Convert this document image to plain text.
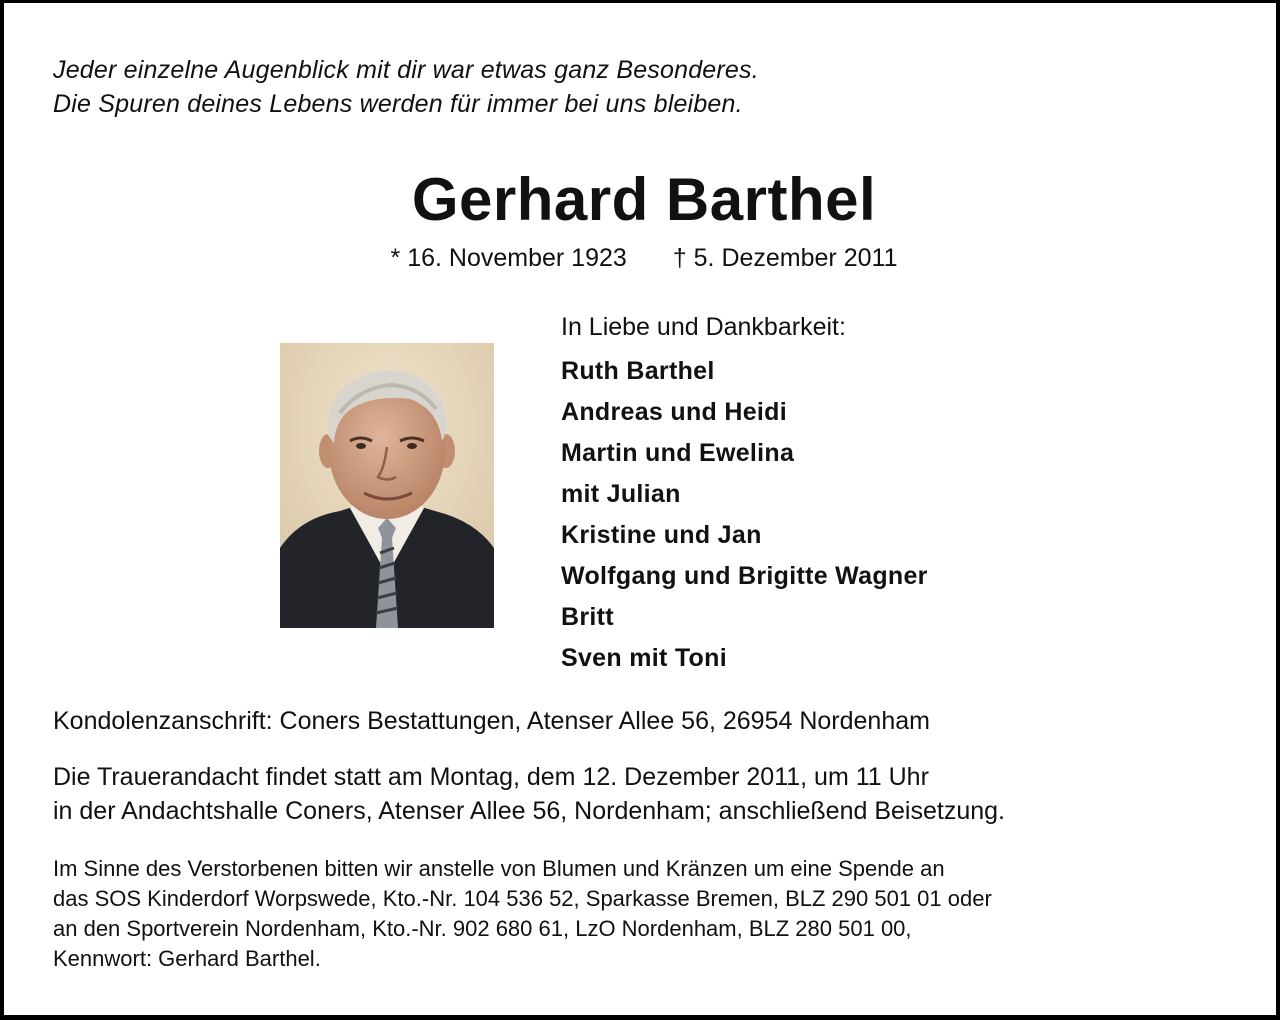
Jeder einzelne Augenblick mit dir war etwas ganz Besonderes.
Die Spuren deines Lebens werden für immer bei uns bleiben.
Gerhard Barthel
* 16. November 1923 † 5. Dezember 2011
In Liebe und Dankbarkeit:
Ruth Barthel
Andreas und Heidi
Martin und Ewelina
mit Julian
Kristine und Jan
Wolfgang und Brigitte Wagner
Britt
Sven mit Toni
Kondolenzanschrift: Coners Bestattungen, Atenser Allee 56, 26954 Nordenham
Die Trauerandacht findet statt am Montag, dem 12. Dezember 2011, um 11 Uhr
in der Andachtshalle Coners, Atenser Allee 56, Nordenham; anschließend Beisetzung.
Im Sinne des Verstorbenen bitten wir anstelle von Blumen und Kränzen um eine Spende an
das SOS Kinderdorf Worpswede, Kto.-Nr. 104 536 52, Sparkasse Bremen, BLZ 290 501 01 oder
an den Sportverein Nordenham, Kto.-Nr. 902 680 61, LzO Nordenham, BLZ 280 501 00,
Kennwort: Gerhard Barthel.
